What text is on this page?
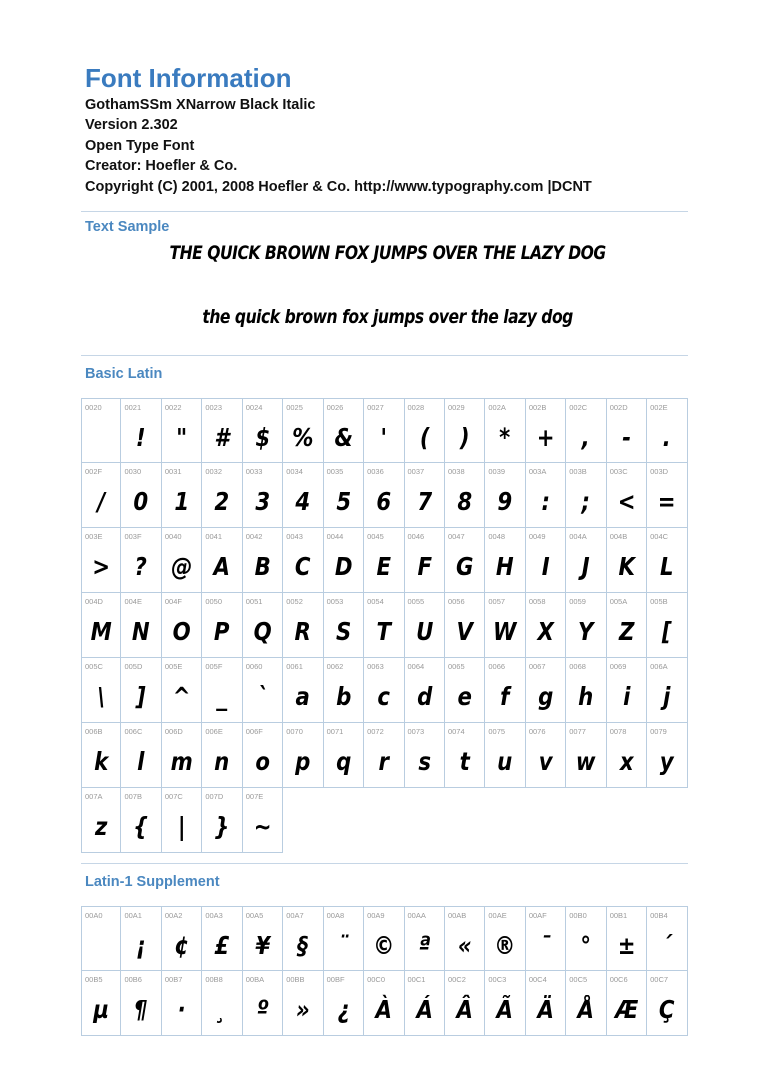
Font Information
GothamSSm XNarrow Black Italic
Version 2.302
Open Type Font
Creator: Hoefler & Co.
Copyright (C) 2001, 2008 Hoefler & Co. http://www.typography.com |DCNT
Text Sample
THE QUICK BROWN FOX JUMPS OVER THE LAZY DOG
the quick brown fox jumps over the lazy dog
Basic Latin
0020	0021
!
0022
"
0023
#
0024
$
0025
%
0026
&
0027
'
0028
(
0029
)
002A
*
002B
+
002C
,
002D
-
002E
.
002F
/
0030
0
0031
1
0032
2
0033
3
0034
4
0035
5
0036
6
0037
7
0038
8
0039
9
003A
:
003B
;
003C
<
003D
=
003E
>
003F
?
0040
@
0041
A
0042
B
0043
C
0044
D
0045
E
0046
F
0047
G
0048
H
0049
I
004A
J
004B
K
004C
L
004D
M
004E
N
004F
O
0050
P
0051
Q
0052
R
0053
S
0054
T
0055
U
0056
V
0057
W
0058
X
0059
Y
005A
Z
005B
[
005C
\
005D
]
005E
^
005F
_
0060
`
0061
a
0062
b
0063
c
0064
d
0065
e
0066
f
0067
g
0068
h
0069
i
006A
j
006B
k
006C
l
006D
m
006E
n
006F
o
0070
p
0071
q
0072
r
0073
s
0074
t
0075
u
0076
v
0077
w
0078
x
0079
y
007A
z
007B
{
007C
|
007D
}
007E
~
Latin-1 Supplement
00A0	00A1
¡
00A2
¢
00A3
£
00A5
¥
00A7
§
00A8
¨
00A9
©
00AA
ª
00AB
«
00AE
®
00AF
¯
00B0
°
00B1
±
00B4
´
00B5
µ
00B6
¶
00B7
·
00B8
¸
00BA
º
00BB
»
00BF
¿
00C0
À
00C1
Á
00C2
Â
00C3
Ã
00C4
Ä
00C5
Å
00C6
Æ
00C7
Ç
